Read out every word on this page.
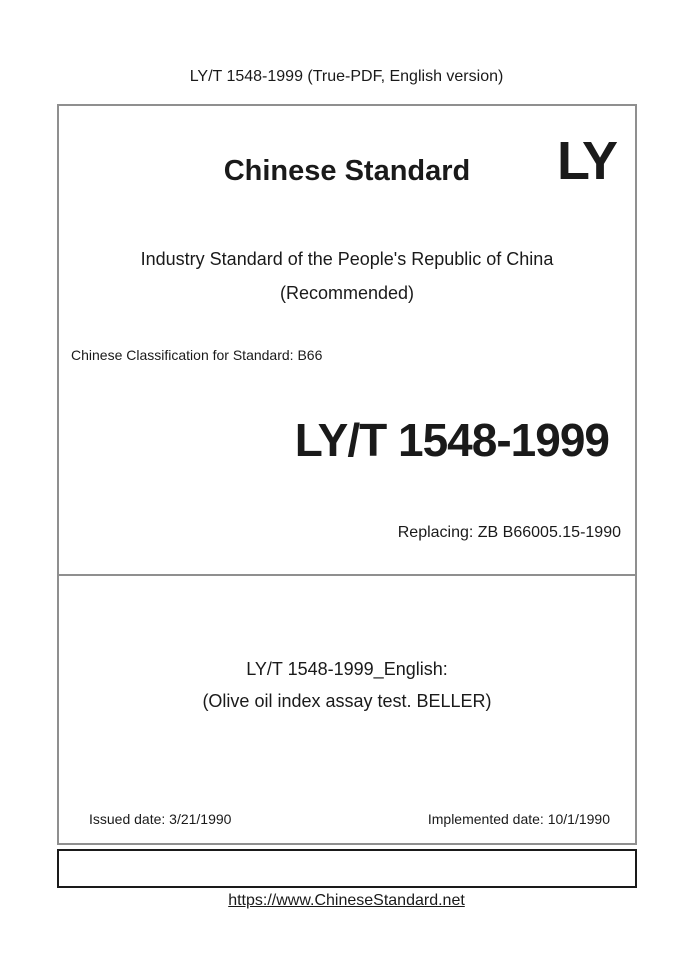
LY/T 1548-1999 (True-PDF, English version)
Chinese Standard	LY
Industry Standard of the People's Republic of China
(Recommended)
Chinese Classification for Standard: B66
LY/T 1548-1999
Replacing: ZB B66005.15-1990
LY/T 1548-1999_English:
(Olive oil index assay test. BELLER)
Issued date: 3/21/1990	Implemented date: 10/1/1990
https://www.ChineseStandard.net
